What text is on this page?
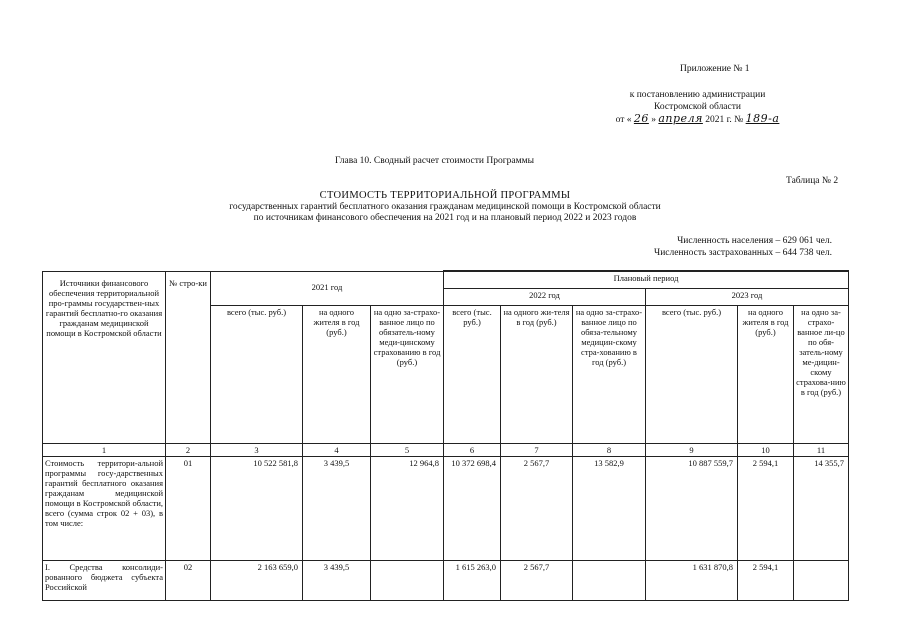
Приложение № 1
к постановлению администрации
Костромской области
от « 26 » апреля 2021 г. № 189-а
Глава 10. Сводный расчет стоимости Программы
Таблица № 2
СТОИМОСТЬ ТЕРРИТОРИАЛЬНОЙ ПРОГРАММЫ
государственных гарантий бесплатного оказания гражданам медицинской помощи в Костромской области
по источникам финансового обеспечения на 2021 год и на плановый период 2022 и 2023 годов
Численность населения – 629 061 чел.
Численность застрахованных – 644 738 чел.
Источники финансового обеспечения территориальной про-граммы государствен-ных гарантий бесплатно-го оказания гражданам медицинской помощи в Костромской области	№ стро-ки	2021 год			Плановый период					
					2022 год			2023 год		
		всего (тыс. руб.)	на одного жителя в год (руб.)	на одно за-страхо-ванное лицо по обязатель-ному меди-цинскому страхованию в год (руб.)	всего (тыс. руб.)	на одного жи-теля в год (руб.)	на одно за-страхо-ванное лицо по обяза-тельному медицин-скому стра-хованию в год (руб.)	всего (тыс. руб.)	на одного жителя в год (руб.)	на одно за-страхо-ванное ли-цо по обя-затель-ному ме-дицин-скому страхова-нию в год (руб.)
1	2	3	4	5	6	7	8	9	10	11
Стоимость территори-альной программы госу-дарственных гарантий бесплатного оказания гражданам медицинской помощи в Костромской области, всего (сумма строк 02 + 03), в том числе:	01	10 522 581,8	3 439,5	12 964,8	10 372 698,4	2 567,7	13 582,9	10 887 559,7	2 594,1	14 355,7
I. Средства консолиди-рованного бюджета субъекта Российской	02	2 163 659,0	3 439,5		1 615 263,0	2 567,7		1 631 870,8	2 594,1	
